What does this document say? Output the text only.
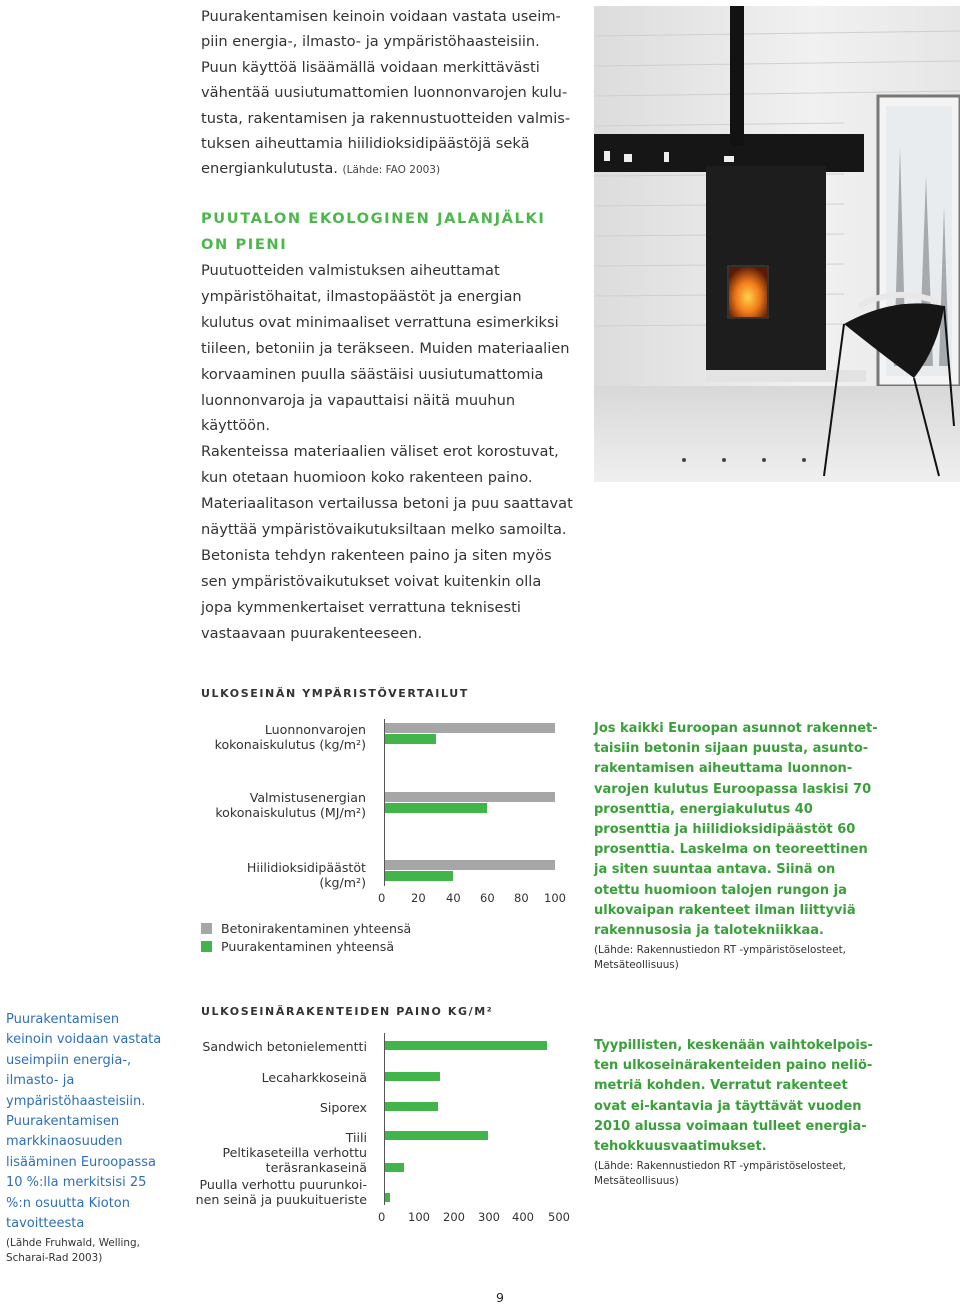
Puurakentamisen keinoin voidaan vastata useimpiin energia-, ilmasto- ja ympäristöhaasteisiin. Puun käyttöä lisäämällä voidaan merkittävästi vähentää uusiutumattomien luonnonvarojen kulutusta, rakentamisen ja rakennustuotteiden valmistuksen aiheuttamia hiilidioksidipäästöjä sekä energiankulutusta. (Lähde: FAO 2003)
PUUTALON EKOLOGINEN JALANJÄLKI
ON PIENI

Puutuotteiden valmistuksen aiheuttamat ympäristöhaitat, ilmastopäästöt ja energian kulutus ovat minimaaliset verrattuna esimerkiksi tiileen, betoniin ja teräkseen. Muiden materiaalien korvaaminen puulla säästäisi uusiutumattomia luonnonvaroja ja vapauttaisi näitä muuhun käyttöön.

Rakenteissa materiaalien väliset erot korostuvat, kun otetaan huomioon koko rakenteen paino. Materiaalitason vertailussa betoni ja puu saattavat näyttää ympäristövaikutuksiltaan melko samoilta. Betonista tehdyn rakenteen paino ja siten myös sen ympäristövaikutukset voivat kuitenkin olla jopa kymmenkertaiset verrattuna teknisesti vastaavaan puurakenteeseen.

ULKOSEINÄN YMPÄRISTÖVERTAILUT
Luonnonvarojen
kokonaiskulutus (kg/m²)
Valmistusenergian
kokonaiskulutus (MJ/m²)
Hiilidioksidipäästöt
(kg/m²)
0 20 40 60 80 100
Betonirakentaminen yhteensä
Puurakentaminen yhteensä
Jos kaikki Euroopan asunnot rakennettaisiin betonin sijaan puusta, asuntorakentamisen aiheuttama luonnonvarojen kulutus Euroopassa laskisi 70 prosenttia, energiakulutus 40 prosenttia ja hiilidioksidipäästöt 60 prosenttia. Laskelma on teoreettinen ja siten suuntaa antava. Siinä on otettu huomioon talojen rungon ja ulkovaipan rakenteet ilman liittyviä rakennusosia ja talotekniikkaa.
(Lähde: Rakennustiedon RT -ympäristöselosteet, Metsäteollisuus)
Puurakentamisen keinoin voidaan vastata useimpiin energia-, ilmasto- ja ympäristöhaasteisiin. Puurakentamisen markkinaosuuden lisääminen Euroopassa 10 %:lla merkitsisi 25 %:n osuutta Kioton tavoitteesta
(Lähde Fruhwald, Welling, Scharai-Rad 2003)
ULKOSEINÄRAKENTEIDEN PAINO KG/M²
Sandwich betonielementti
Lecaharkkoseinä
Siporex
Tiili
Peltikaseteilla verhottu
teräsrankaseinä
Puulla verhottu puurunkoi-
nen seinä ja puukuitueriste
0 100 200 300 400 500
Tyypillisten, keskenään vaihtokelpoisten ulkoseinärakenteiden paino neliömetriä kohden. Verratut rakenteet ovat ei-kantavia ja täyttävät vuoden 2010 alussa voimaan tulleet energiatehokkuusvaatimukset.
(Lähde: Rakennustiedon RT -ympäristöselosteet, Metsäteollisuus)
9
